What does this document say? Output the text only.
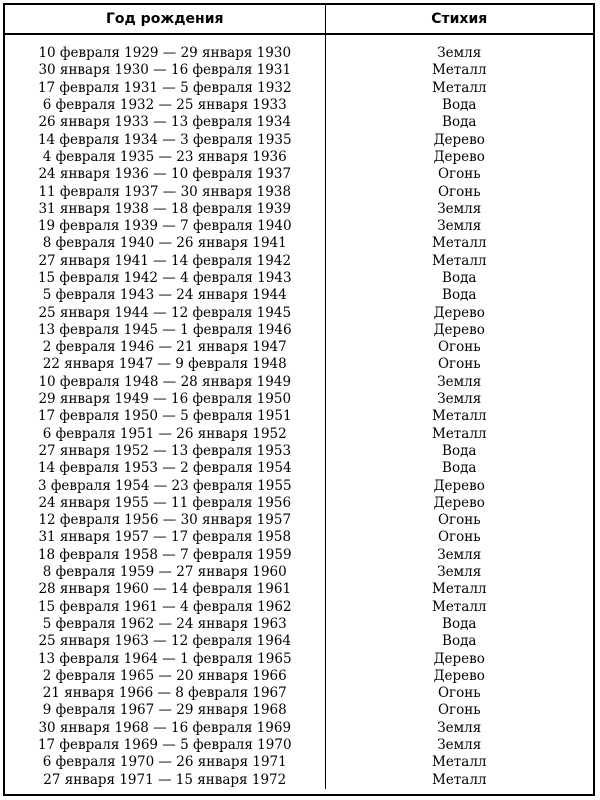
Год рождения	Стихия

10 февраля 1929 — 29 января 1930	Земля
30 января 1930 — 16 февраля 1931	Металл
17 февраля 1931 — 5 февраля 1932	Металл
6 февраля 1932 — 25 января 1933	Вода
26 января 1933 — 13 февраля 1934	Вода
14 февраля 1934 — 3 февраля 1935	Дерево
4 февраля 1935 — 23 января 1936	Дерево
24 января 1936 — 10 февраля 1937	Огонь
11 февраля 1937 — 30 января 1938	Огонь
31 января 1938 — 18 февраля 1939	Земля
19 февраля 1939 — 7 февраля 1940	Земля
8 февраля 1940 — 26 января 1941	Металл
27 января 1941 — 14 февраля 1942	Металл
15 февраля 1942 — 4 февраля 1943	Вода
5 февраля 1943 — 24 января 1944	Вода
25 января 1944 — 12 февраля 1945	Дерево
13 февраля 1945 — 1 февраля 1946	Дерево
2 февраля 1946 — 21 января 1947	Огонь
22 января 1947 — 9 февраля 1948	Огонь
10 февраля 1948 — 28 января 1949	Земля
29 января 1949 — 16 февраля 1950	Земля
17 февраля 1950 — 5 февраля 1951	Металл
6 февраля 1951 — 26 января 1952	Металл
27 января 1952 — 13 февраля 1953	Вода
14 февраля 1953 — 2 февраля 1954	Вода
3 февраля 1954 — 23 февраля 1955	Дерево
24 января 1955 — 11 февраля 1956	Дерево
12 февраля 1956 — 30 января 1957	Огонь
31 января 1957 — 17 февраля 1958	Огонь
18 февраля 1958 — 7 февраля 1959	Земля
8 февраля 1959 — 27 января 1960	Земля
28 января 1960 — 14 февраля 1961	Металл
15 февраля 1961 — 4 февраля 1962	Металл
5 февраля 1962 — 24 января 1963	Вода
25 января 1963 — 12 февраля 1964	Вода
13 февраля 1964 — 1 февраля 1965	Дерево
2 февраля 1965 — 20 января 1966	Дерево
21 января 1966 — 8 февраля 1967	Огонь
9 февраля 1967 — 29 января 1968	Огонь
30 января 1968 — 16 февраля 1969	Земля
17 февраля 1969 — 5 февраля 1970	Земля
6 февраля 1970 — 26 января 1971	Металл
27 января 1971 — 15 января 1972	Металл
